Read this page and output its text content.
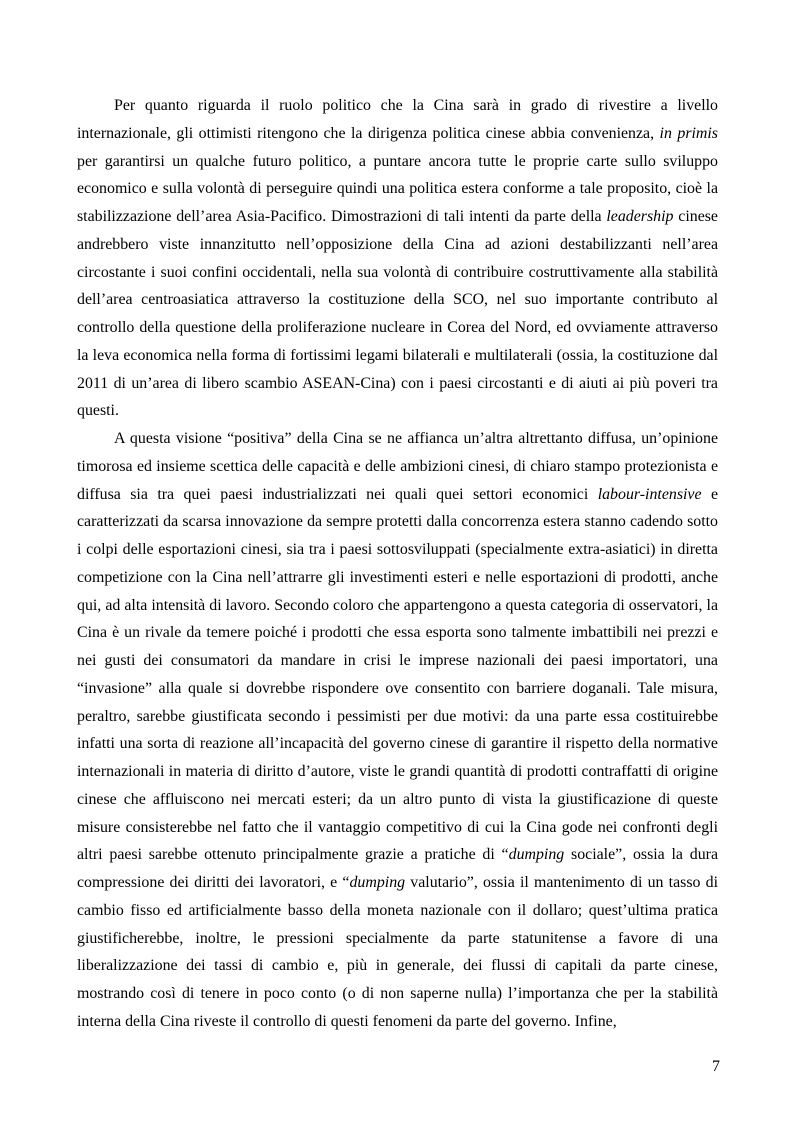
Per quanto riguarda il ruolo politico che la Cina sarà in grado di rivestire a livello internazionale, gli ottimisti ritengono che la dirigenza politica cinese abbia convenienza, in primis per garantirsi un qualche futuro politico, a puntare ancora tutte le proprie carte sullo sviluppo economico e sulla volontà di perseguire quindi una politica estera conforme a tale proposito, cioè la stabilizzazione dell’area Asia-Pacifico. Dimostrazioni di tali intenti da parte della leadership cinese andrebbero viste innanzitutto nell’opposizione della Cina ad azioni destabilizzanti nell’area circostante i suoi confini occidentali, nella sua volontà di contribuire costruttivamente alla stabilità dell’area centroasiatica attraverso la costituzione della SCO, nel suo importante contributo al controllo della questione della proliferazione nucleare in Corea del Nord, ed ovviamente attraverso la leva economica nella forma di fortissimi legami bilaterali e multilaterali (ossia, la costituzione dal 2011 di un’area di libero scambio ASEAN-Cina) con i paesi circostanti e di aiuti ai più poveri tra questi.

A questa visione “positiva” della Cina se ne affianca un’altra altrettanto diffusa, un’opinione timorosa ed insieme scettica delle capacità e delle ambizioni cinesi, di chiaro stampo protezionista e diffusa sia tra quei paesi industrializzati nei quali quei settori economici labour-intensive e caratterizzati da scarsa innovazione da sempre protetti dalla concorrenza estera stanno cadendo sotto i colpi delle esportazioni cinesi, sia tra i paesi sottosviluppati (specialmente extra-asiatici) in diretta competizione con la Cina nell’attrarre gli investimenti esteri e nelle esportazioni di prodotti, anche qui, ad alta intensità di lavoro. Secondo coloro che appartengono a questa categoria di osservatori, la Cina è un rivale da temere poiché i prodotti che essa esporta sono talmente imbattibili nei prezzi e nei gusti dei consumatori da mandare in crisi le imprese nazionali dei paesi importatori, una “invasione” alla quale si dovrebbe rispondere ove consentito con barriere doganali. Tale misura, peraltro, sarebbe giustificata secondo i pessimisti per due motivi: da una parte essa costituirebbe infatti una sorta di reazione all’incapacità del governo cinese di garantire il rispetto della normative internazionali in materia di diritto d’autore, viste le grandi quantità di prodotti contraffatti di origine cinese che affluiscono nei mercati esteri; da un altro punto di vista la giustificazione di queste misure consisterebbe nel fatto che il vantaggio competitivo di cui la Cina gode nei confronti degli altri paesi sarebbe ottenuto principalmente grazie a pratiche di “dumping sociale”, ossia la dura compressione dei diritti dei lavoratori, e “dumping valutario”, ossia il mantenimento di un tasso di cambio fisso ed artificialmente basso della moneta nazionale con il dollaro; quest’ultima pratica giustificherebbe, inoltre, le pressioni specialmente da parte statunitense a favore di una liberalizzazione dei tassi di cambio e, più in generale, dei flussi di capitali da parte cinese, mostrando così di tenere in poco conto (o di non saperne nulla) l’importanza che per la stabilità interna della Cina riveste il controllo di questi fenomeni da parte del governo. Infine,

7
